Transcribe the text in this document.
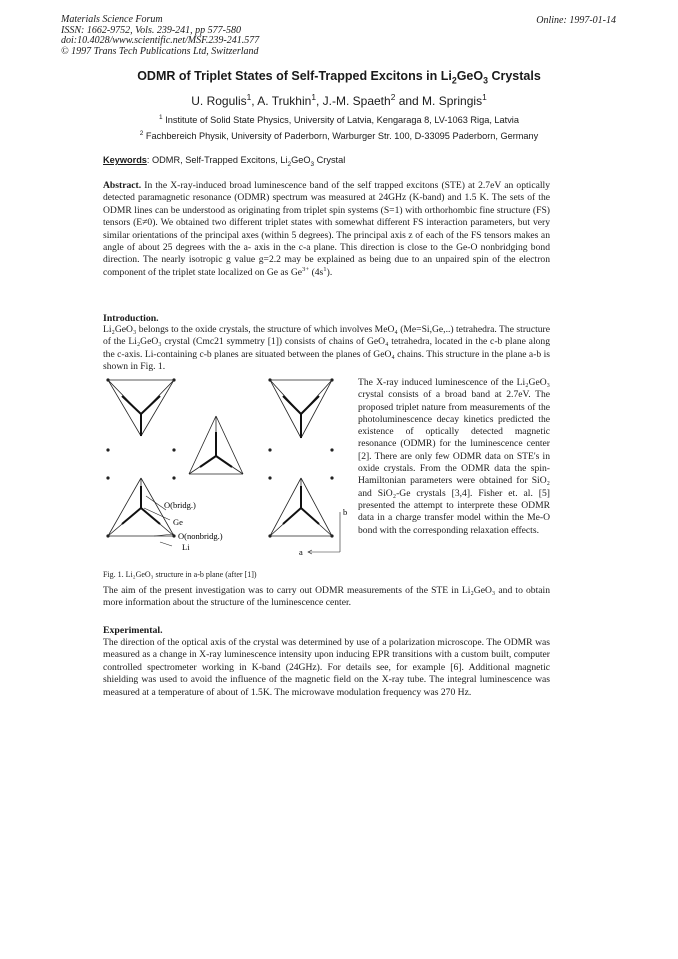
Materials Science Forum
ISSN: 1662-9752, Vols. 239-241, pp 577-580
doi:10.4028/www.scientific.net/MSF.239-241.577
© 1997 Trans Tech Publications Ltd, Switzerland
Online: 1997-01-14
ODMR of Triplet States of Self-Trapped Excitons in $Li_2GeO_3$ Crystals
U. Rogulis$^1$, A. Trukhin$^1$, J.-M. Spaeth$^2$ and M. Springis$^1$
$^1$ Institute of Solid State Physics, University of Latvia, Kengaraga 8, LV-1063 Riga, Latvia
$^2$ Fachbereich Physik, University of Paderborn, Warburger Str. 100, D-33095 Paderborn, Germany
Keywords: ODMR, Self-Trapped Excitons, $Li_2GeO_3$ Crystal
Abstract. In the X-ray-induced broad luminescence band of the self trapped excitons (STE) at 2.7eV an optically detected paramagnetic resonance (ODMR) spectrum was measured at 24GHz (K-band) and 1.5 K. The sets of the ODMR lines can be understood as originating from triplet spin systems (S=1) with orthorhombic fine structure (FS) tensors (E≠0). We obtained two different triplet states with somewhat different FS interaction parameters, but very similar orientations of the principal axes (within 5 degrees). The principal axis z of each of the FS tensors makes an angle of about 25 degrees with the a- axis in the c-a plane. This direction is close to the Ge-O nonbridging bond direction. The nearly isotropic g value g=2.2 may be explained as being due to an unpaired spin of the electron component of the triplet state localized on Ge as $Ge^{3+}$ $(4s^1)$.
Introduction.
Li₂GeO₃ belongs to the oxide crystals, the structure of which involves MeO₄ (Me=Si,Ge,..) tetrahedra. The structure of the Li₂GeO₃ crystal (Cmc21 symmetry [1]) consists of chains of GeO₄ tetrahedra, located in the c-b plane along the c-axis. Li-containing c-b planes are situated between the planes of GeO₄ chains. This structure in the plane a-b is shown in Fig. 1.
O(bridg.)
Ge
O(nonbridg.)
Li
b
a
The X-ray induced luminescence of the Li₂GeO₃ crystal consists of a broad band at 2.7eV. The proposed triplet nature from measurements of the photoluminescence decay kinetics predicted the existence of optically detected magnetic resonance (ODMR) for the luminescence center [2]. There are only few ODMR data on STE's in oxide crystals. From the ODMR data the spin-Hamiltonian parameters were obtained for SiO₂ and SiO₂-Ge crystals [3,4]. Fisher et. al. [5] presented the attempt to interprete these ODMR data in a charge transfer model within the Me-O bond with the corresponding relaxation effects.
Fig. 1. Li₂GeO₃ structure in a-b plane (after [1])
The aim of the present investigation was to carry out ODMR measurements of the STE in Li₂GeO₃ and to obtain more information about the structure of the luminescence center.
Experimental.
The direction of the optical axis of the crystal was determined by use of a polarization microscope. The ODMR was measured as a change in X-ray luminescence intensity upon inducing EPR transitions with a custom built, computer controlled spectrometer working in K-band (24GHz). For details see, for example [6]. Additional magnetic shielding was used to avoid the influence of the magnetic field on the X-ray tube. The integral luminescence was measured at a temperature of about of 1.5K. The microwave modulation frequency was 270 Hz.
